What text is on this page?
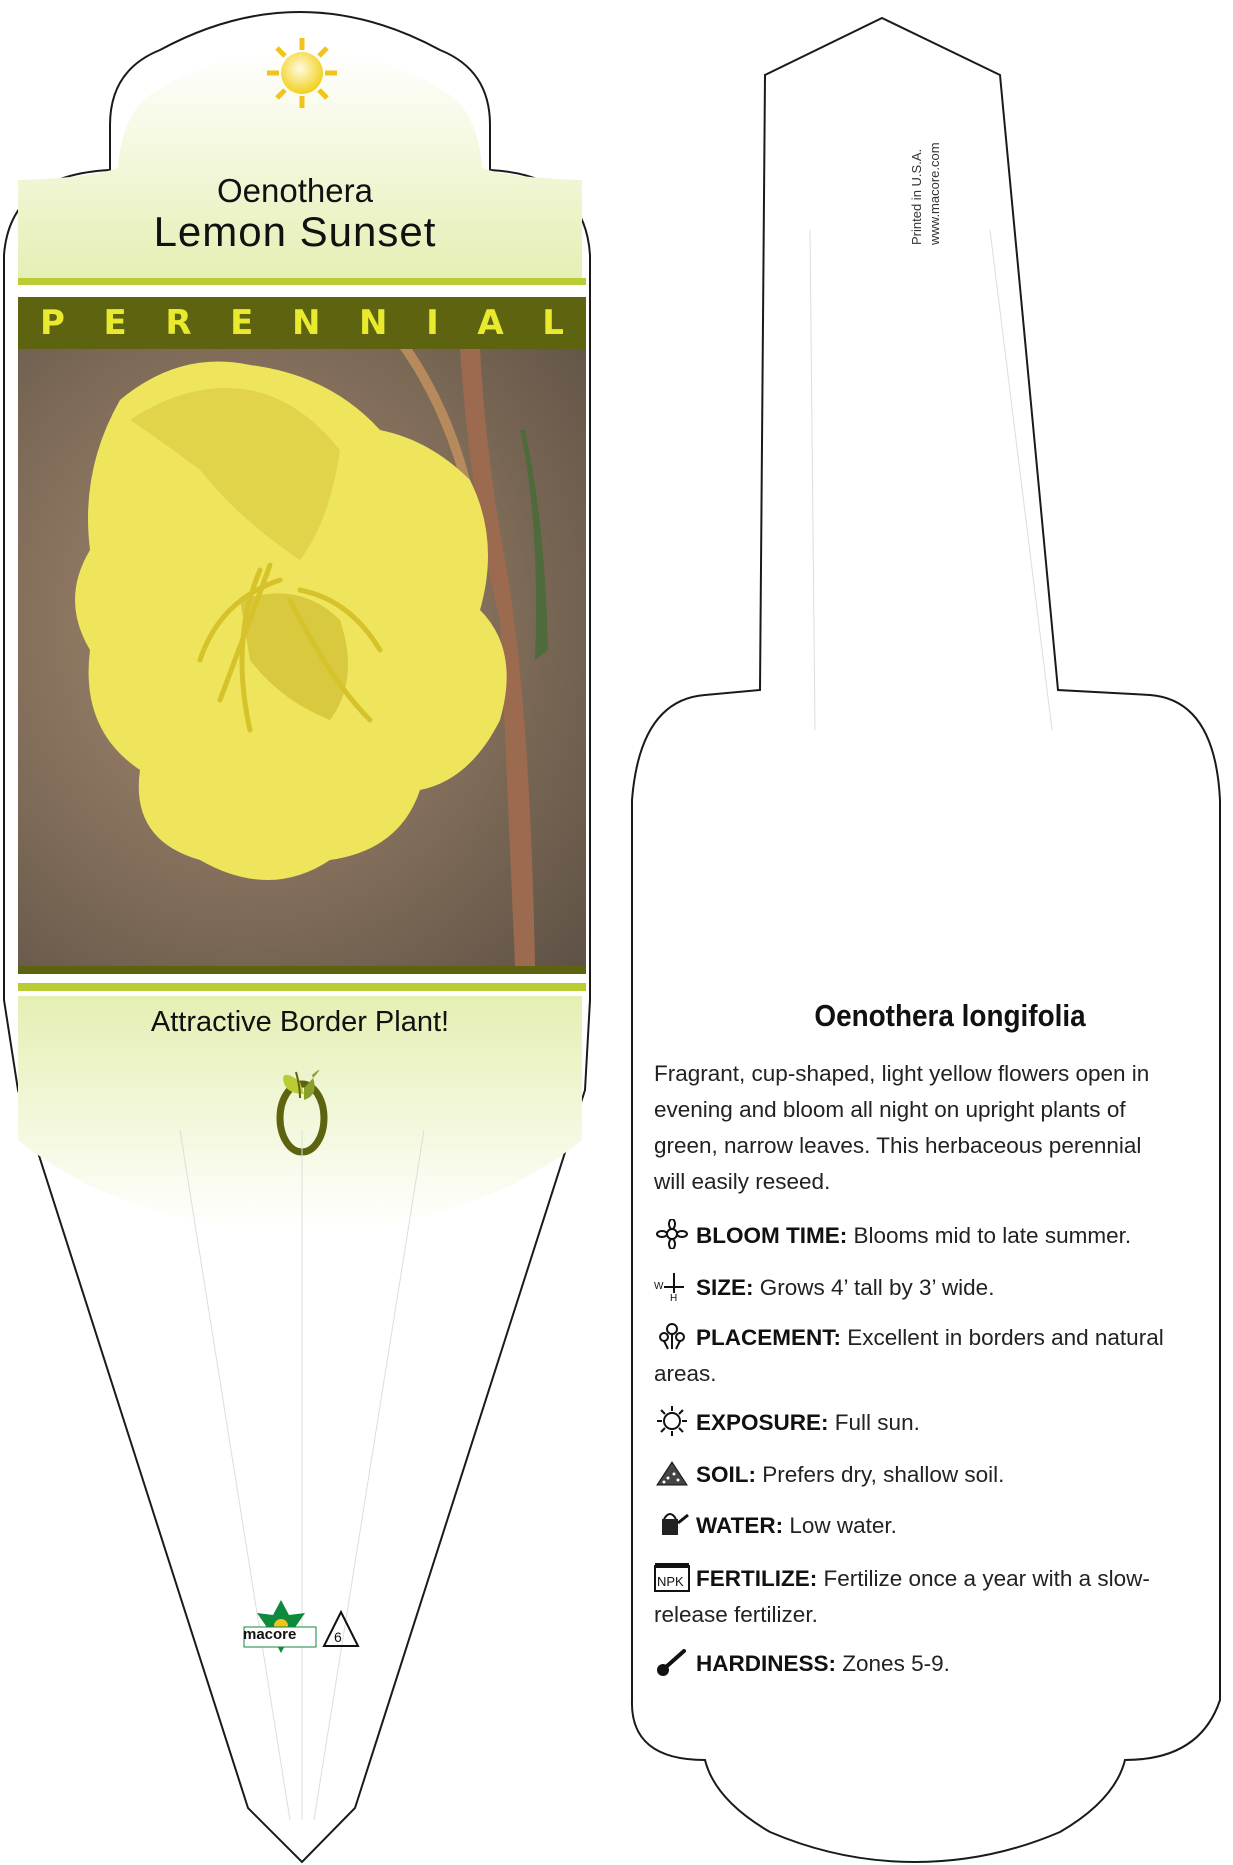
Oenothera
Lemon Sunset
P E R E N N I A L
Attractive Border Plant!
macore	6
Printed in U.S.A. www.macore.com
Oenothera longifolia
Fragrant, cup-shaped, light yellow flowers open in evening and bloom all night on upright plants of green, narrow leaves. This herbaceous perennial will easily reseed.
BLOOM TIME: Blooms mid to late summer.
W
H SIZE: Grows 4’ tall by 3’ wide.
PLACEMENT: Excellent in borders and natural areas.
EXPOSURE: Full sun.
SOIL: Prefers dry, shallow soil.
WATER: Low water.
NPK FERTILIZE: Fertilize once a year with a slow-release fertilizer.
HARDINESS: Zones 5-9.
